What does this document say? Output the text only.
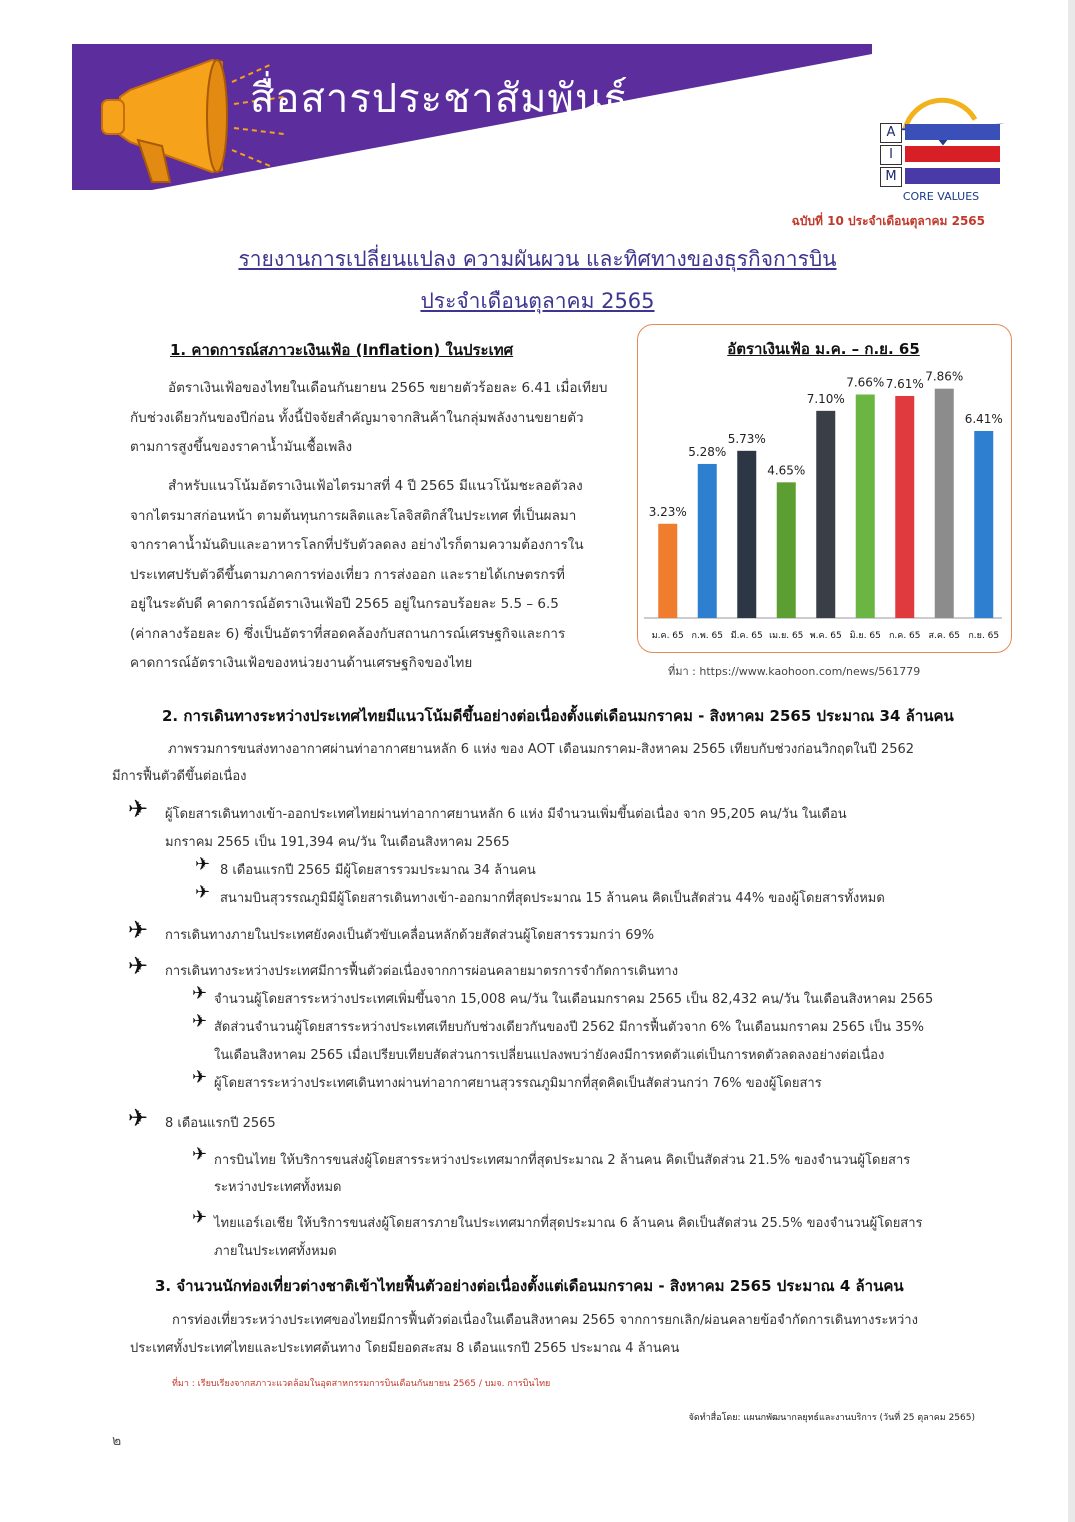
สื่อสารประชาสัมพันธ์
A
I
M
CORE VALUES
ฉบับที่ 10 ประจำเดือนตุลาคม 2565
รายงานการเปลี่ยนแปลง ความผันผวน และทิศทางของธุรกิจการบิน
ประจำเดือนตุลาคม 2565
1. คาดการณ์สภาวะเงินเฟ้อ (Inflation) ในประเทศ
อัตราเงินเฟ้อของไทยในเดือนกันยายน 2565 ขยายตัวร้อยละ 6.41 เมื่อเทียบ
กับช่วงเดียวกันของปีก่อน ทั้งนี้ปัจจัยสำคัญมาจากสินค้าในกลุ่มพลังงานขยายตัว
ตามการสูงขึ้นของราคาน้ำมันเชื้อเพลิง
สำหรับแนวโน้มอัตราเงินเฟ้อไตรมาสที่ 4 ปี 2565 มีแนวโน้มชะลอตัวลง
จากไตรมาสก่อนหน้า ตามต้นทุนการผลิตและโลจิสติกส์ในประเทศ ที่เป็นผลมา
จากราคาน้ำมันดิบและอาหารโลกที่ปรับตัวลดลง อย่างไรก็ตามความต้องการใน
ประเทศปรับตัวดีขึ้นตามภาคการท่องเที่ยว การส่งออก และรายได้เกษตรกรที่
อยู่ในระดับดี คาดการณ์อัตราเงินเฟ้อปี 2565 อยู่ในกรอบร้อยละ 5.5 – 6.5
(ค่ากลางร้อยละ 6) ซึ่งเป็นอัตราที่สอดคล้องกับสถานการณ์เศรษฐกิจและการ
คาดการณ์อัตราเงินเฟ้อของหน่วยงานด้านเศรษฐกิจของไทย
อัตราเงินเฟ้อ ม.ค. – ก.ย. 65
3.23%
ม.ค. 65
5.28%
ก.พ. 65
5.73%
มี.ค. 65
4.65%
เม.ย. 65
7.10%
พ.ค. 65
7.66%
มิ.ย. 65
7.61%
ก.ค. 65
7.86%
ส.ค. 65
6.41%
ก.ย. 65
ที่มา : https://www.kaohoon.com/news/561779
2. การเดินทางระหว่างประเทศไทยมีแนวโน้มดีขึ้นอย่างต่อเนื่องตั้งแต่เดือนมกราคม - สิงหาคม 2565 ประมาณ 34 ล้านคน
ภาพรวมการขนส่งทางอากาศผ่านท่าอากาศยานหลัก 6 แห่ง ของ AOT เดือนมกราคม-สิงหาคม 2565 เทียบกับช่วงก่อนวิกฤตในปี 2562
มีการฟื้นตัวดีขึ้นต่อเนื่อง
✈ ผู้โดยสารเดินทางเข้า-ออกประเทศไทยผ่านท่าอากาศยานหลัก 6 แห่ง มีจำนวนเพิ่มขึ้นต่อเนื่อง จาก 95,205 คน/วัน ในเดือน
มกราคม 2565 เป็น 191,394 คน/วัน ในเดือนสิงหาคม 2565
✈ 8 เดือนแรกปี 2565 มีผู้โดยสารรวมประมาณ 34 ล้านคน
✈ สนามบินสุวรรณภูมิมีผู้โดยสารเดินทางเข้า-ออกมากที่สุดประมาณ 15 ล้านคน คิดเป็นสัดส่วน 44% ของผู้โดยสารทั้งหมด
✈ การเดินทางภายในประเทศยังคงเป็นตัวขับเคลื่อนหลักด้วยสัดส่วนผู้โดยสารรวมกว่า 69%
✈ การเดินทางระหว่างประเทศมีการฟื้นตัวต่อเนื่องจากการผ่อนคลายมาตรการจำกัดการเดินทาง
✈ จำนวนผู้โดยสารระหว่างประเทศเพิ่มขึ้นจาก 15,008 คน/วัน ในเดือนมกราคม 2565 เป็น 82,432 คน/วัน ในเดือนสิงหาคม 2565
✈ สัดส่วนจำนวนผู้โดยสารระหว่างประเทศเทียบกับช่วงเดียวกันของปี 2562 มีการฟื้นตัวจาก 6% ในเดือนมกราคม 2565 เป็น 35%
ในเดือนสิงหาคม 2565 เมื่อเปรียบเทียบสัดส่วนการเปลี่ยนแปลงพบว่ายังคงมีการหดตัวแต่เป็นการหดตัวลดลงอย่างต่อเนื่อง
✈ ผู้โดยสารระหว่างประเทศเดินทางผ่านท่าอากาศยานสุวรรณภูมิมากที่สุดคิดเป็นสัดส่วนกว่า 76% ของผู้โดยสาร
✈ 8 เดือนแรกปี 2565
✈ การบินไทย ให้บริการขนส่งผู้โดยสารระหว่างประเทศมากที่สุดประมาณ 2 ล้านคน คิดเป็นสัดส่วน 21.5% ของจำนวนผู้โดยสาร
ระหว่างประเทศทั้งหมด
✈ ไทยแอร์เอเชีย ให้บริการขนส่งผู้โดยสารภายในประเทศมากที่สุดประมาณ 6 ล้านคน คิดเป็นสัดส่วน 25.5% ของจำนวนผู้โดยสาร
ภายในประเทศทั้งหมด
3. จำนวนนักท่องเที่ยวต่างชาติเข้าไทยฟื้นตัวอย่างต่อเนื่องตั้งแต่เดือนมกราคม - สิงหาคม 2565 ประมาณ 4 ล้านคน
การท่องเที่ยวระหว่างประเทศของไทยมีการฟื้นตัวต่อเนื่องในเดือนสิงหาคม 2565 จากการยกเลิก/ผ่อนคลายข้อจำกัดการเดินทางระหว่าง
ประเทศทั้งประเทศไทยและประเทศต้นทาง โดยมียอดสะสม 8 เดือนแรกปี 2565 ประมาณ 4 ล้านคน
ที่มา : เรียบเรียงจากสภาวะแวดล้อมในอุตสาหกรรมการบินเดือนกันยายน 2565 / บมจ. การบินไทย
จัดทำสื่อโดย: แผนกพัฒนากลยุทธ์และงานบริการ (วันที่ 25 ตุลาคม 2565)
๒
